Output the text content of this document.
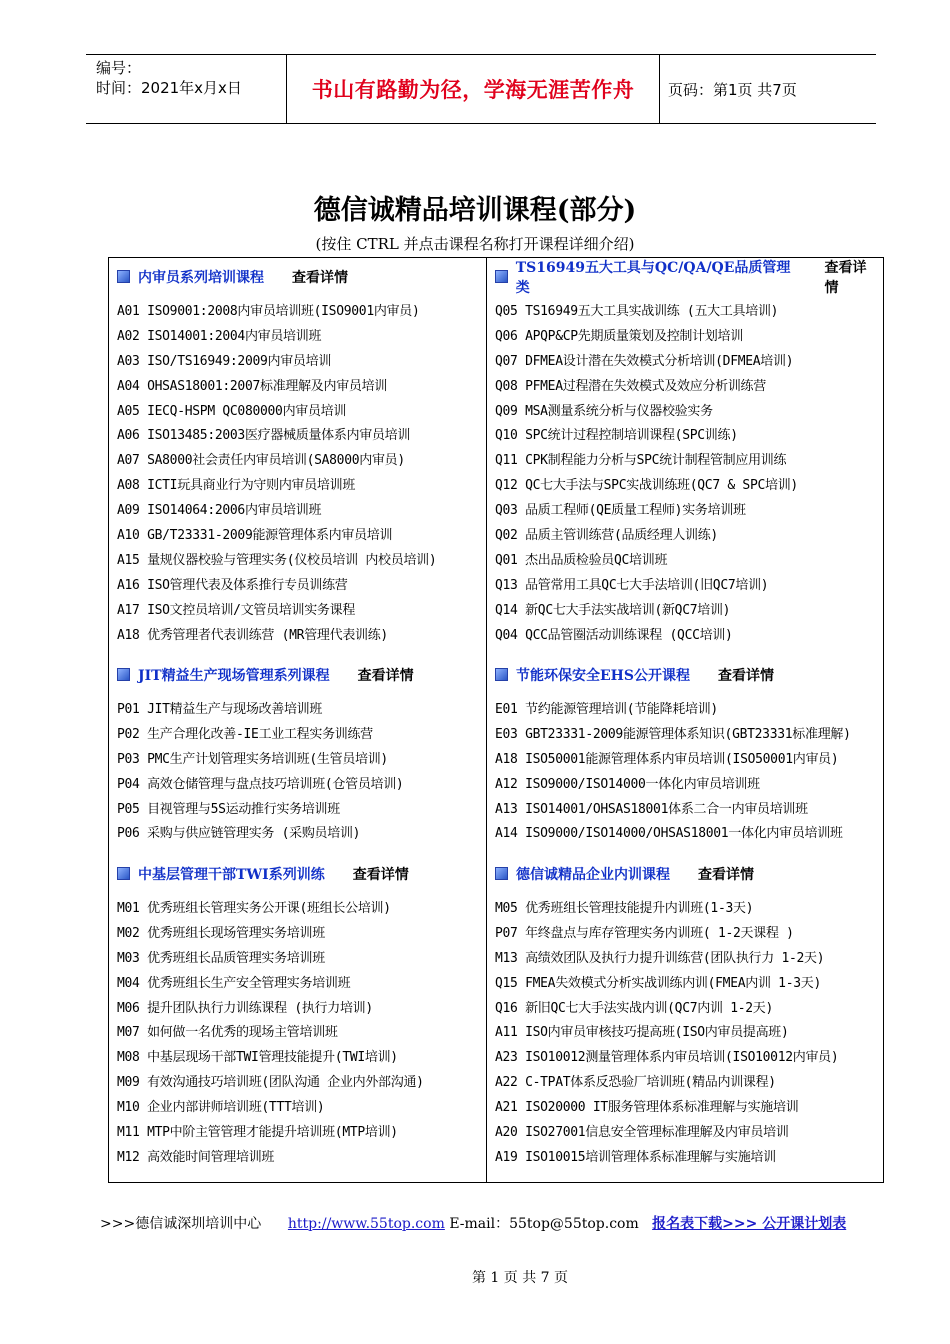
编号：
时间：2021年x月x日	书山有路勤为径，学海无涯苦作舟	页码：第1页 共7页
德信诚精品培训课程(部分)
(按住 CTRL 并点击课程名称打开课程详细介绍)
内审员系列培训课程 查看详情
A01 ISO9001:2008内审员培训班(ISO9001内审员)
A02 ISO14001:2004内审员培训班
A03 ISO/TS16949:2009内审员培训
A04 OHSAS18001:2007标准理解及内审员培训
A05 IECQ-HSPM QC080000内审员培训
A06 ISO13485:2003医疗器械质量体系内审员培训
A07 SA8000社会责任内审员培训(SA8000内审员)
A08 ICTI玩具商业行为守则内审员培训班
A09 ISO14064:2006内审员培训班
A10 GB/T23331-2009能源管理体系内审员培训
A15 量规仪器校验与管理实务(仪校员培训 内校员培训)
A16 ISO管理代表及体系推行专员训练营
A17 ISO文控员培训/文管员培训实务课程
A18 优秀管理者代表训练营 (MR管理代表训练)
JIT精益生产现场管理系列课程 查看详情
P01 JIT精益生产与现场改善培训班
P02 生产合理化改善-IE工业工程实务训练营
P03 PMC生产计划管理实务培训班(生管员培训)
P04 高效仓储管理与盘点技巧培训班(仓管员培训)
P05 目视管理与5S运动推行实务培训班
P06 采购与供应链管理实务 (采购员培训)
中基层管理干部TWI系列训练 查看详情
M01 优秀班组长管理实务公开课(班组长公培训)
M02 优秀班组长现场管理实务培训班
M03 优秀班组长品质管理实务培训班
M04 优秀班组长生产安全管理实务培训班
M06 提升团队执行力训练课程 (执行力培训)
M07 如何做一名优秀的现场主管培训班
M08 中基层现场干部TWI管理技能提升(TWI培训)
M09 有效沟通技巧培训班(团队沟通 企业内外部沟通)
M10 企业内部讲师培训班(TTT培训)
M11 MTP中阶主管管理才能提升培训班(MTP培训)
M12 高效能时间管理培训班
TS16949五大工具与QC/QA/QE品质管理类
查看详情
Q05 TS16949五大工具实战训练 (五大工具培训)
Q06 APQP&CP先期质量策划及控制计划培训
Q07 DFMEA设计潜在失效模式分析培训(DFMEA培训)
Q08 PFMEA过程潜在失效模式及效应分析训练营
Q09 MSA测量系统分析与仪器校验实务
Q10 SPC统计过程控制培训课程(SPC训练)
Q11 CPK制程能力分析与SPC统计制程管制应用训练
Q12 QC七大手法与SPC实战训练班(QC7 & SPC培训)
Q03 品质工程师(QE质量工程师)实务培训班
Q02 品质主管训练营(品质经理人训练)
Q01 杰出品质检验员QC培训班
Q13 品管常用工具QC七大手法培训(旧QC7培训)
Q14 新QC七大手法实战培训(新QC7培训)
Q04 QCC品管圈活动训练课程 (QCC培训)
节能环保安全EHS公开课程 查看详情
E01 节约能源管理培训(节能降耗培训)
E03 GBT23331-2009能源管理体系知识(GBT23331标准理解)
A18 ISO50001能源管理体系内审员培训(ISO50001内审员)
A12 ISO9000/ISO14000一体化内审员培训班
A13 ISO14001/OHSAS18001体系二合一内审员培训班
A14 ISO9000/ISO14000/OHSAS18001一体化内审员培训班
德信诚精品企业内训课程 查看详情
M05 优秀班组长管理技能提升内训班(1-3天)
P07 年终盘点与库存管理实务内训班( 1-2天课程 )
M13 高绩效团队及执行力提升训练营(团队执行力 1-2天)
Q15 FMEA失效模式分析实战训练内训(FMEA内训 1-3天)
Q16 新旧QC七大手法实战内训(QC7内训 1-2天)
A11 ISO内审员审核技巧提高班(ISO内审员提高班)
A23 ISO10012测量管理体系内审员培训(ISO10012内审员)
A22 C-TPAT体系反恐验厂培训班(精品内训课程)
A21 ISO20000 IT服务管理体系标准理解与实施培训
A20 ISO27001信息安全管理标准理解及内审员培训
A19 ISO10015培训管理体系标准理解与实施培训
>>>德信诚深圳培训中心 http://www.55top.com E-mail：55top@55top.com 报名表下载>>> 公开课计划表
第 1 页 共 7 页
